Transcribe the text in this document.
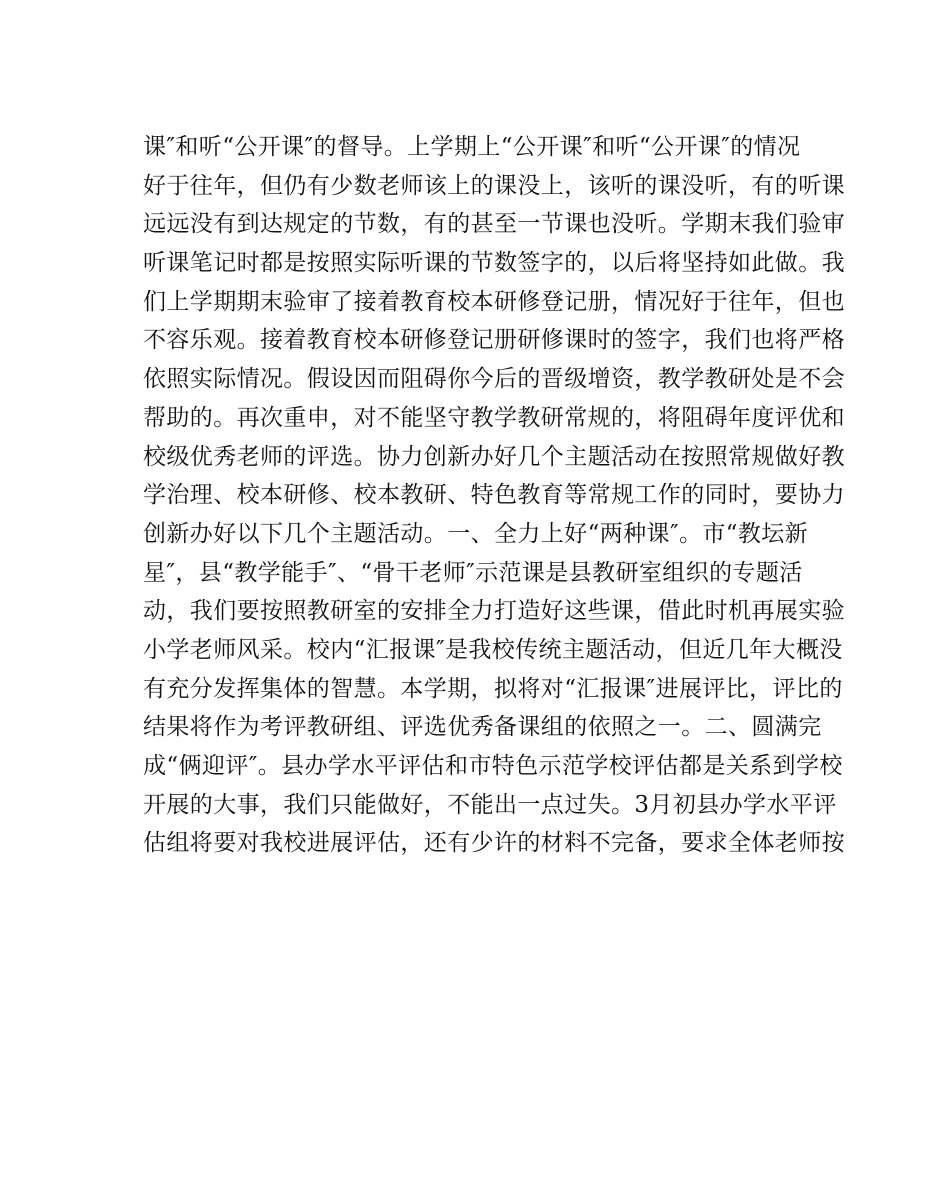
课″和听“公开课″的督导。上学期上“公开课″和听“公开课″的情况
好于往年，但仍有少数老师该上的课没上，该听的课没听，有的听课
远远没有到达规定的节数，有的甚至一节课也没听。学期末我们验审
听课笔记时都是按照实际听课的节数签字的，以后将坚持如此做。我
们上学期期末验审了接着教育校本研修登记册，情况好于往年，但也
不容乐观。接着教育校本研修登记册研修课时的签字，我们也将严格
依照实际情况。假设因而阻碍你今后的晋级增资，教学教研处是不会
帮助的。再次重申，对不能坚守教学教研常规的，将阻碍年度评优和
校级优秀老师的评选。协力创新办好几个主题活动在按照常规做好教
学治理、校本研修、校本教研、特色教育等常规工作的同时，要协力
创新办好以下几个主题活动。一、全力上好“两种课″。市“教坛新
星″，县“教学能手″、“骨干老师″示范课是县教研室组织的专题活
动，我们要按照教研室的安排全力打造好这些课，借此时机再展实验
小学老师风采。校内“汇报课″是我校传统主题活动，但近几年大概没
有充分发挥集体的智慧。本学期，拟将对“汇报课″进展评比，评比的
结果将作为考评教研组、评选优秀备课组的依照之一。二、圆满完
成“俩迎评″。县办学水平评估和市特色示范学校评估都是关系到学校
开展的大事，我们只能做好，不能出一点过失。3月初县办学水平评
估组将要对我校进展评估，还有少许的材料不完备，要求全体老师按
